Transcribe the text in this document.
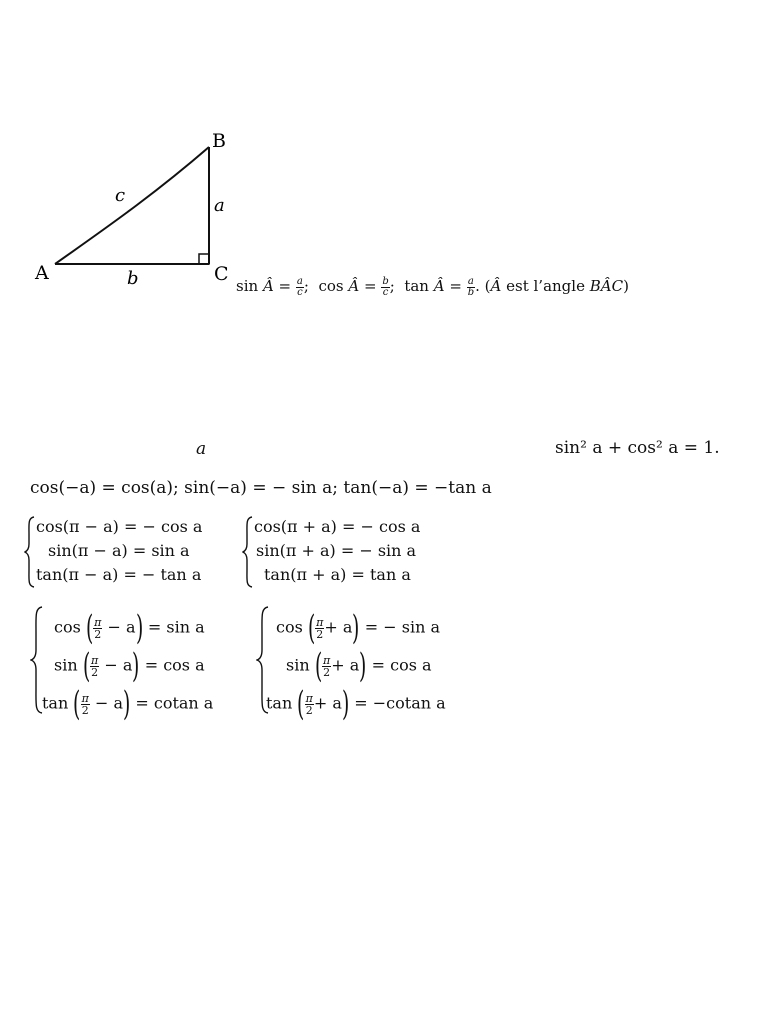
A
B
C
c	a
b	sin Â = $\frac{a}{c}$ ;  cos Â = $\frac{b}{c}$ ;  tan Â = $\frac{a}{b}$ . (Â est l’angle BÂC)
a	sin² a + cos² a = 1.
cos(−a) = cos(a); sin(−a) = − sin a; tan(−a) = −tan a
cos(π − a) = − cos a
sin(π − a) = sin a
tan(π − a) = − tan a
cos(π + a) = − cos a
sin(π + a) = − sin a
tan(π + a) = tan a
cos ( $\frac{\pi}{2} - a) = \sin a$
sin ( $\frac{\pi}{2} - a) = \cos a$
tan ( $\frac{\pi}{2} - a) = cotan$ a
cos ( $\frac{\pi}{2} + a$) = − sin a
sin ( $\frac{\pi}{2} + a) = \cos a$
tan ( $\frac{\pi}{2} + a) = -cotan$ a
